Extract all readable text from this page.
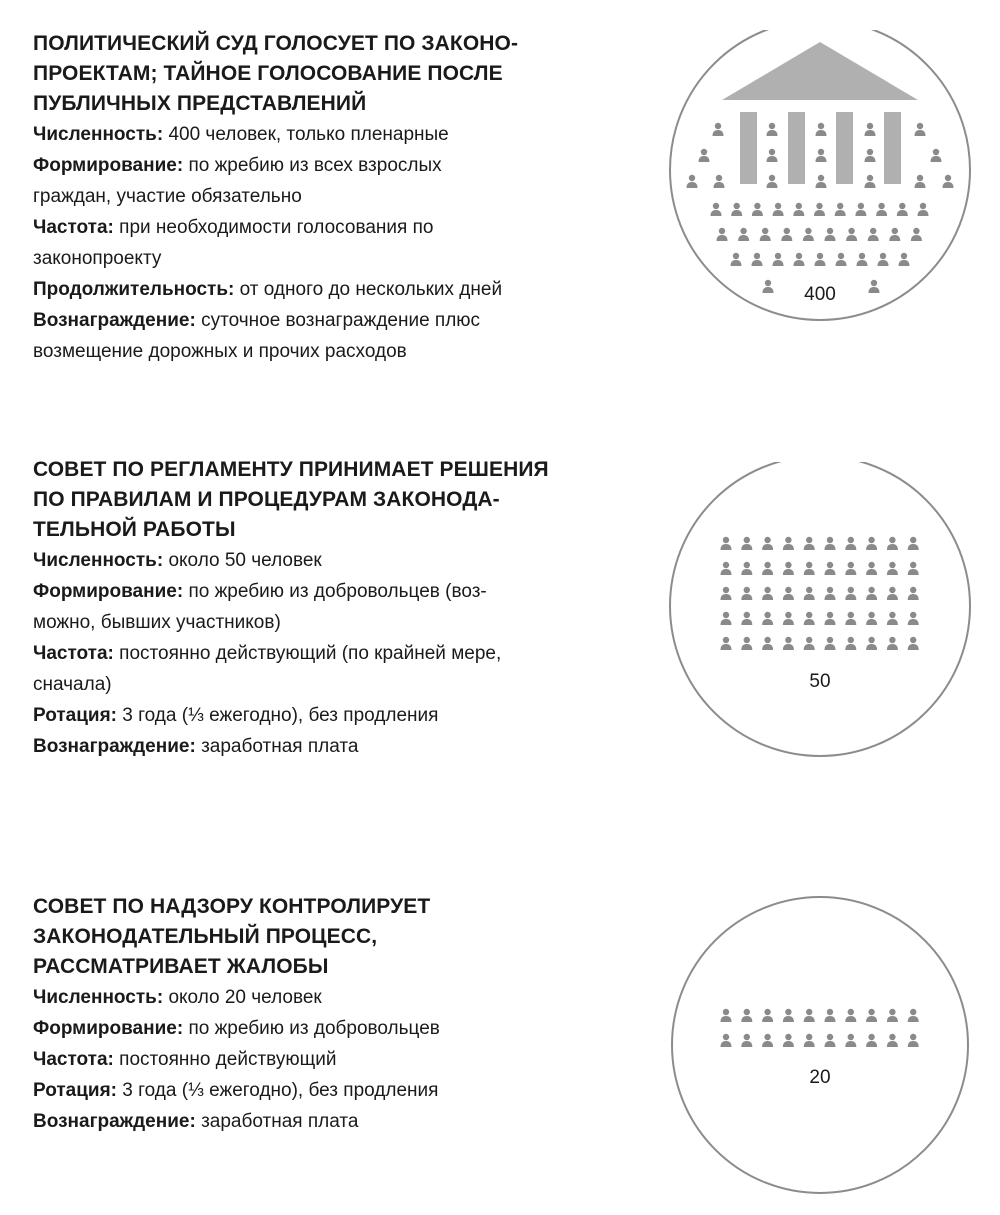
ПОЛИТИЧЕСКИЙ СУД ГОЛОСУЕТ ПО ЗАКОНО-
ПРОЕКТАМ; ТАЙНОЕ ГОЛОСОВАНИЕ ПОСЛЕ
ПУБЛИЧНЫХ ПРЕДСТАВЛЕНИЙ
Численность: 400 человек, только пленарные
Формирование: по жребию из всех взрослых
граждан, участие обязательно
Частота: при необходимости голосования по
законопроекту
Продолжительность: от одного до нескольких дней
Вознаграждение: суточное вознаграждение плюс
возмещение дорожных и прочих расходов
400
СОВЕТ ПО РЕГЛАМЕНТУ ПРИНИМАЕТ РЕШЕНИЯ
ПО ПРАВИЛАМ И ПРОЦЕДУРАМ ЗАКОНОДА-
ТЕЛЬНОЙ РАБОТЫ
Численность: около 50 человек
Формирование: по жребию из добровольцев (воз-
можно, бывших участников)
Частота: постоянно действующий (по крайней мере,
сначала)
Ротация: 3 года (⅓ ежегодно), без продления
Вознаграждение: заработная плата
50
СОВЕТ ПО НАДЗОРУ КОНТРОЛИРУЕТ
ЗАКОНОДАТЕЛЬНЫЙ ПРОЦЕСС,
РАССМАТРИВАЕТ ЖАЛОБЫ
Численность: около 20 человек
Формирование: по жребию из добровольцев
Частота: постоянно действующий
Ротация: 3 года (⅓ ежегодно), без продления
Вознаграждение: заработная плата
20
